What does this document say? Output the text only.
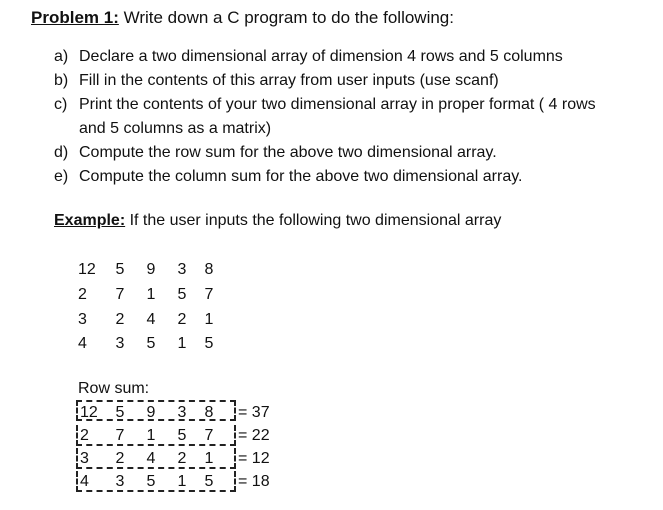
Problem 1: Write down a C program to do the following:
a) Declare a two dimensional array of dimension 4 rows and 5 columns
b) Fill in the contents of this array from user inputs (use scanf)
c) Print the contents of your two dimensional array in proper format ( 4 rows
and 5 columns as a matrix)
d) Compute the row sum for the above two dimensional array.
e) Compute the column sum for the above two dimensional array.
Example: If the user inputs the following two dimensional array
12	5	9	3	8
2	7	1	5	7
3	2	4	2	1
4	3	5	1	5
Row sum:
12	5	9	3	8	= 37
2	7	1	5	7	= 22
3	2	4	2	1	= 12
4	3	5	1	5	= 18
